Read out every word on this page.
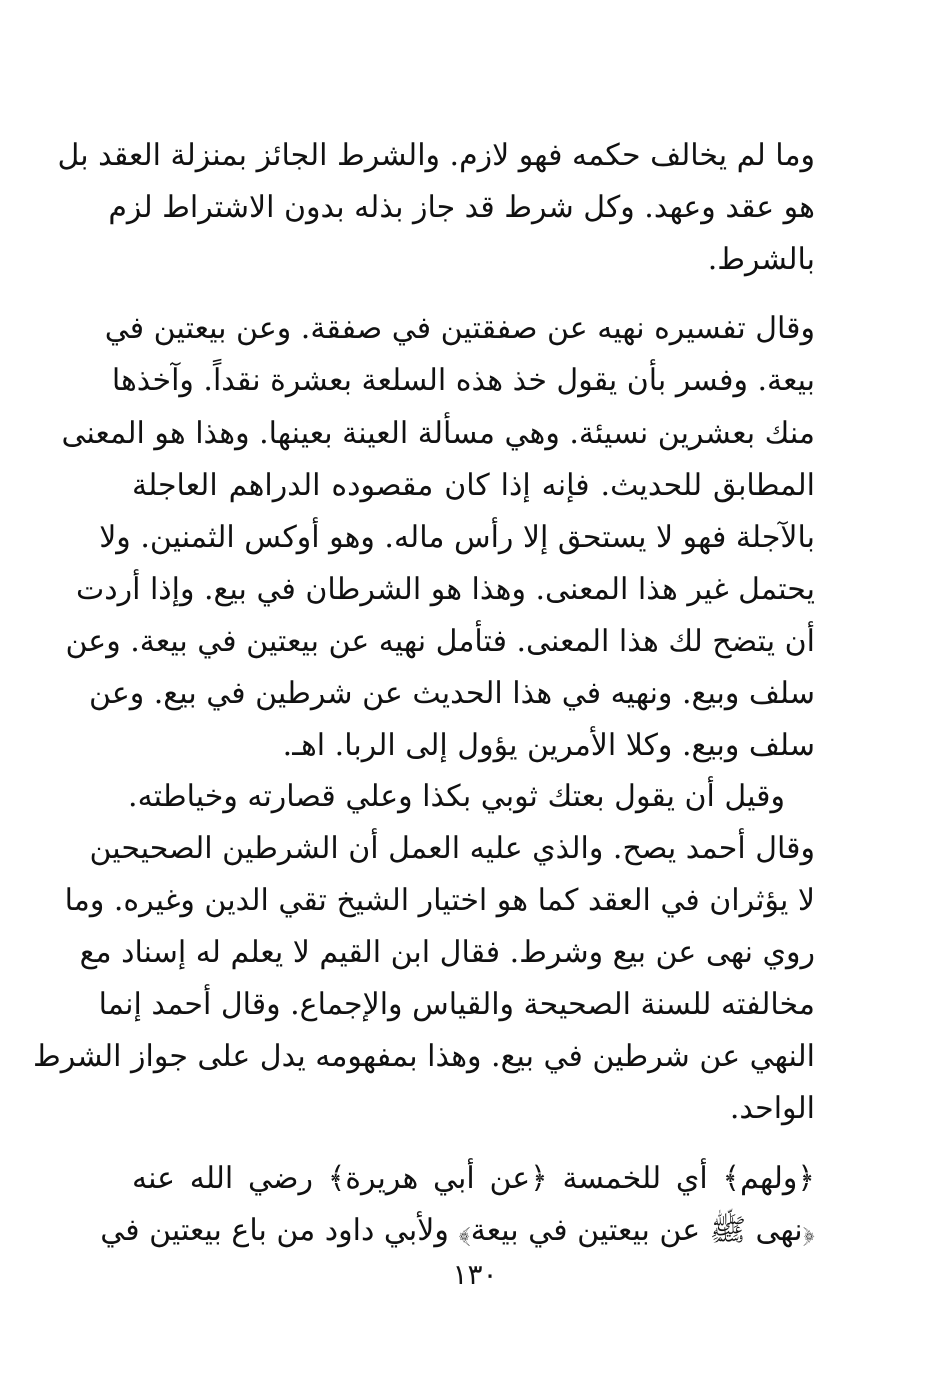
وما لم يخالف حكمه فهو لازم. والشرط الجائز بمنزلة العقد بل
هو عقد وعهد. وكل شرط قد جاز بذله بدون الاشتراط لزم
بالشرط.
وقال تفسيره نهيه عن صفقتين في صفقة. وعن بيعتين في
بيعة. وفسر بأن يقول خذ هذه السلعة بعشرة نقداً. وآخذها
منك بعشرين نسيئة. وهي مسألة العينة بعينها. وهذا هو المعنى
المطابق للحديث. فإنه إذا كان مقصوده الدراهم العاجلة
بالآجلة فهو لا يستحق إلا رأس ماله. وهو أوكس الثمنين. ولا
يحتمل غير هذا المعنى. وهذا هو الشرطان في بيع. وإذا أردت
أن يتضح لك هذا المعنى. فتأمل نهيه عن بيعتين في بيعة. وعن
سلف وبيع. ونهيه في هذا الحديث عن شرطين في بيع. وعن
سلف وبيع. وكلا الأمرين يؤول إلى الربا. اهـ.
وقيل أن يقول بعتك ثوبي بكذا وعلي قصارته وخياطته.
وقال أحمد يصح. والذي عليه العمل أن الشرطين الصحيحين
لا يؤثران في العقد كما هو اختيار الشيخ تقي الدين وغيره. وما
روي نهى عن بيع وشرط. فقال ابن القيم لا يعلم له إسناد مع
مخالفته للسنة الصحيحة والقياس والإجماع. وقال أحمد إنما
النهي عن شرطين في بيع. وهذا بمفهومه يدل على جواز الشرط
الواحد.
﴿ولهم﴾ أي للخمسة ﴿عن أبي هريرة﴾ رضي الله عنه
﴿نهى ﷺ عن بيعتين في بيعة﴾ ولأبي داود من باع بيعتين في
١٣٠
